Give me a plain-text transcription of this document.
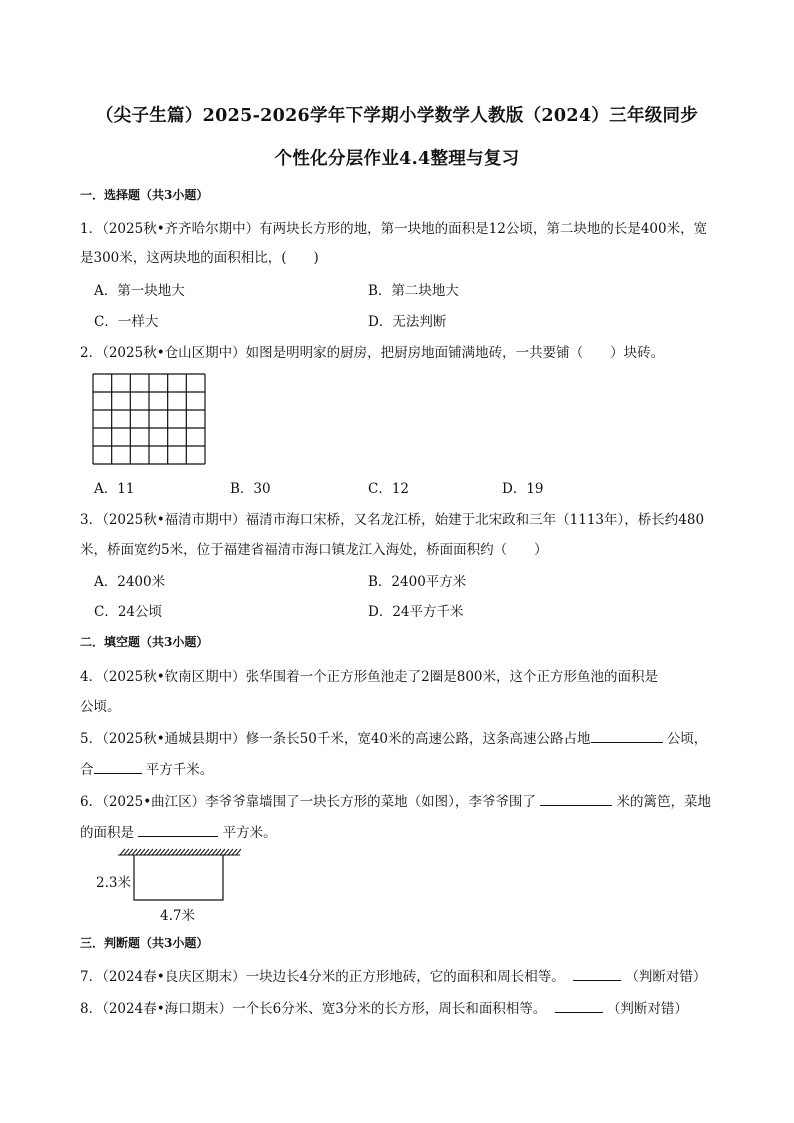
（尖子生篇）2025-2026学年下学期小学数学人教版（2024）三年级同步
个性化分层作业4.4整理与复习
一．选择题（共3小题）
1．（2025秋•齐齐哈尔期中）有两块长方形的地，第一块地的面积是12公顷，第二块地的长是400米，宽
是300米，这两块地的面积相比，(　　)
A．第一块地大	B．第二块地大
C．一样大	D．无法判断
2．（2025秋•仓山区期中）如图是明明家的厨房，把厨房地面铺满地砖，一共要铺（　　）块砖。
A．11	B．30	C．12	D．19
3．（2025秋•福清市期中）福清市海口宋桥，又名龙江桥，始建于北宋政和三年（1113年），桥长约480
米，桥面宽约5米，位于福建省福清市海口镇龙江入海处，桥面面积约（　　）
A．2400米	B．2400平方米
C．24公顷	D．24平方千米
二．填空题（共3小题）
4．（2025秋•钦南区期中）张华围着一个正方形鱼池走了2圈是800米，这个正方形鱼池的面积是
公顷。
5．（2025秋•通城县期中）修一条长50千米，宽40米的高速公路，这条高速公路占地	公顷，
合	平方千米。
6．（2025•曲江区）李爷爷靠墙围了一块长方形的菜地（如图），李爷爷围了	米的篱笆，菜地
的面积是	平方米。
2.3米
4.7米
三．判断题（共3小题）
7．（2024春•良庆区期末）一块边长4分米的正方形地砖，它的面积和周长相等。	（判断对错）
8．（2024春•海口期末）一个长6分米、宽3分米的长方形，周长和面积相等。	（判断对错）
